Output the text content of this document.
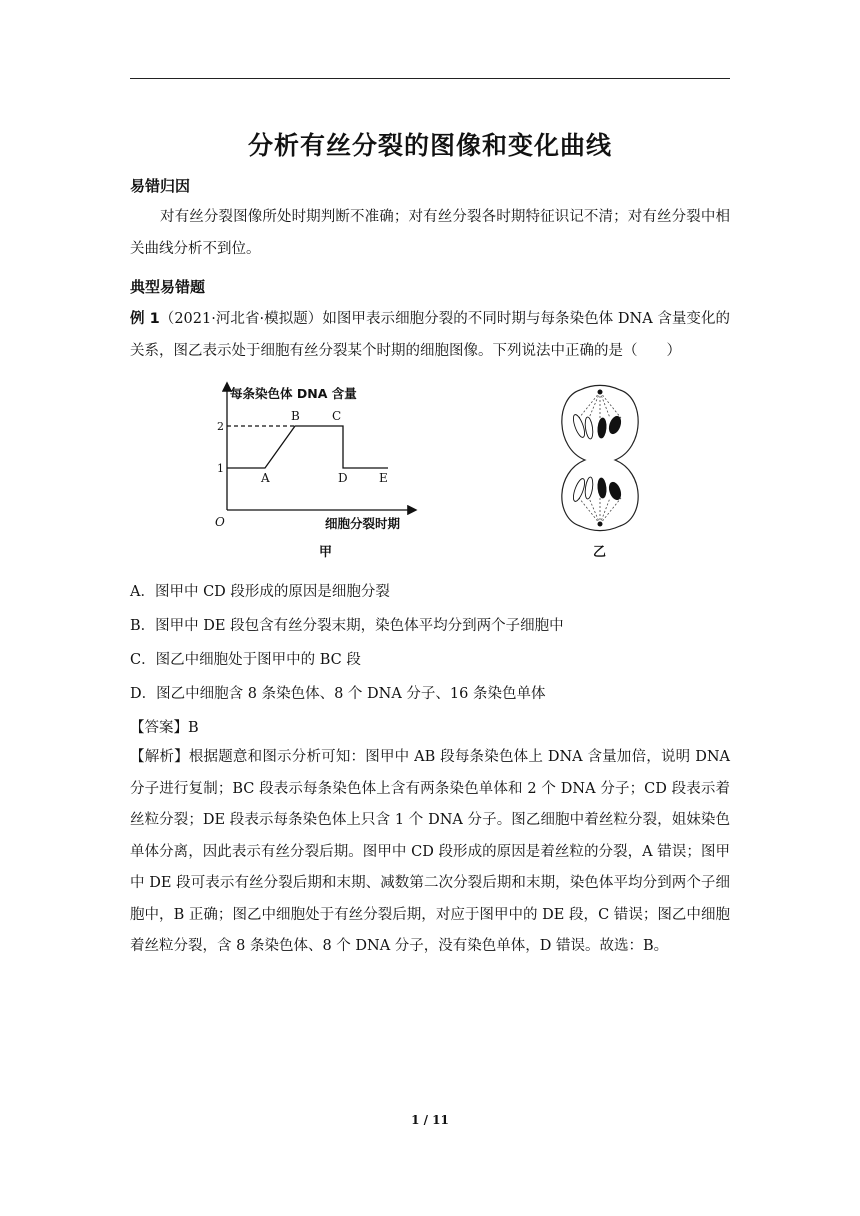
分析有丝分裂的图像和变化曲线
易错归因
对有丝分裂图像所处时期判断不准确；对有丝分裂各时期特征识记不清；对有丝分裂中相关曲线分析不到位。
典型易错题
例 1（2021·河北省·模拟题）如图甲表示细胞分裂的不同时期与每条染色体 DNA 含量变化的关系，图乙表示处于细胞有丝分裂某个时期的细胞图像。下列说法中正确的是（　　）
每条染色体 DNA 含量
细胞分裂时期
O
1
2
A
B	C
D	E
甲	乙
A．图甲中 CD 段形成的原因是细胞分裂
B．图甲中 DE 段包含有丝分裂末期，染色体平均分到两个子细胞中
C．图乙中细胞处于图甲中的 BC 段
D．图乙中细胞含 8 条染色体、8 个 DNA 分子、16 条染色单体
【答案】B
【解析】根据题意和图示分析可知：图甲中 AB 段每条染色体上 DNA 含量加倍，说明 DNA 分子进行复制；BC 段表示每条染色体上含有两条染色单体和 2 个 DNA 分子；CD 段表示着丝粒分裂；DE 段表示每条染色体上只含 1 个 DNA 分子。图乙细胞中着丝粒分裂，姐妹染色单体分离，因此表示有丝分裂后期。图甲中 CD 段形成的原因是着丝粒的分裂，A 错误；图甲中 DE 段可表示有丝分裂后期和末期、减数第二次分裂后期和末期，染色体平均分到两个子细胞中，B 正确；图乙中细胞处于有丝分裂后期，对应于图甲中的 DE 段，C 错误；图乙中细胞着丝粒分裂，含 8 条染色体、8 个 DNA 分子，没有染色单体，D 错误。故选：B。
1 / 11
